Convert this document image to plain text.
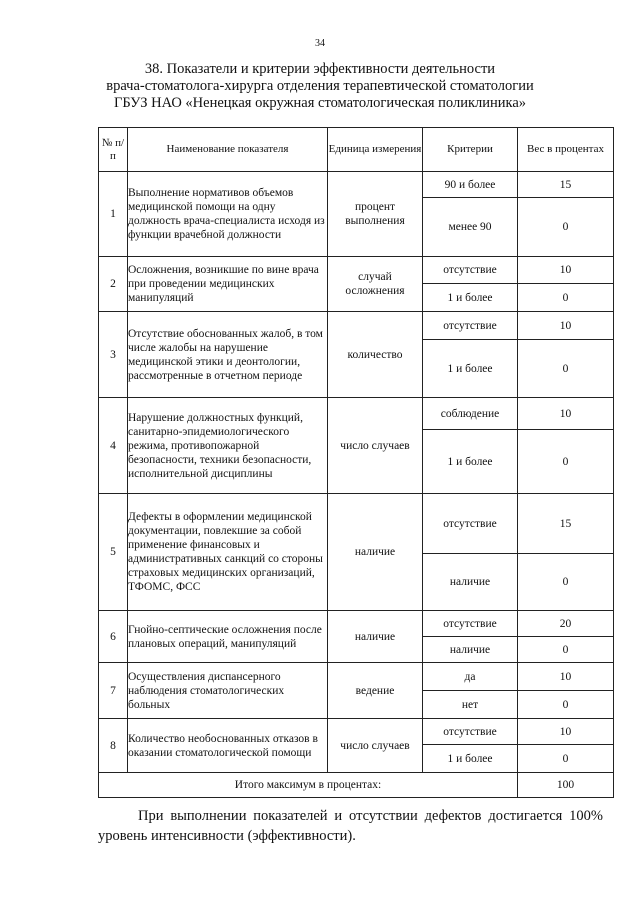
34
38. Показатели и критерии эффективности деятельности
врача-стоматолога-хирурга отделения терапевтической стоматологии
ГБУЗ НАО «Ненецкая окружная стоматологическая поликлиника»
№ п/п	Наименование показателя	Единица измерения	Критерии	Вес в процентах
1	Выполнение нормативов объемов медицинской помощи на одну должность врача-специалиста исходя из функции врачебной должности	процент выполнения	90 и более	15
			менее 90	0
2	Осложнения, возникшие по вине врача при проведении медицинских манипуляций	случай осложнения	отсутствие	10
			1 и более	0
3	Отсутствие обоснованных жалоб, в том числе жалобы на нарушение медицинской этики и деонтологии, рассмотренные в отчетном периоде	количество	отсутствие	10
			1 и более	0
4	Нарушение должностных функций, санитарно-эпидемиологического режима, противопожарной безопасности, техники безопасности, исполнительной дисциплины	число случаев	соблюдение	10
			1 и более	0
5	Дефекты в оформлении медицинской документации, повлекшие за собой применение финансовых и административных санкций со стороны страховых медицинских организаций, ТФОМС, ФСС	наличие	отсутствие	15
			наличие	0
6	Гнойно-септические осложнения после плановых операций, манипуляций	наличие	отсутствие	20
			наличие	0
7	Осуществления диспансерного наблюдения стоматологических больных	ведение	да	10
			нет	0
8	Количество необоснованных отказов в оказании стоматологической помощи	число случаев	отсутствие	10
			1 и более	0
Итого максимум в процентах:				100
При выполнении показателей и отсутствии дефектов достигается 100% уровень интенсивности (эффективности).
